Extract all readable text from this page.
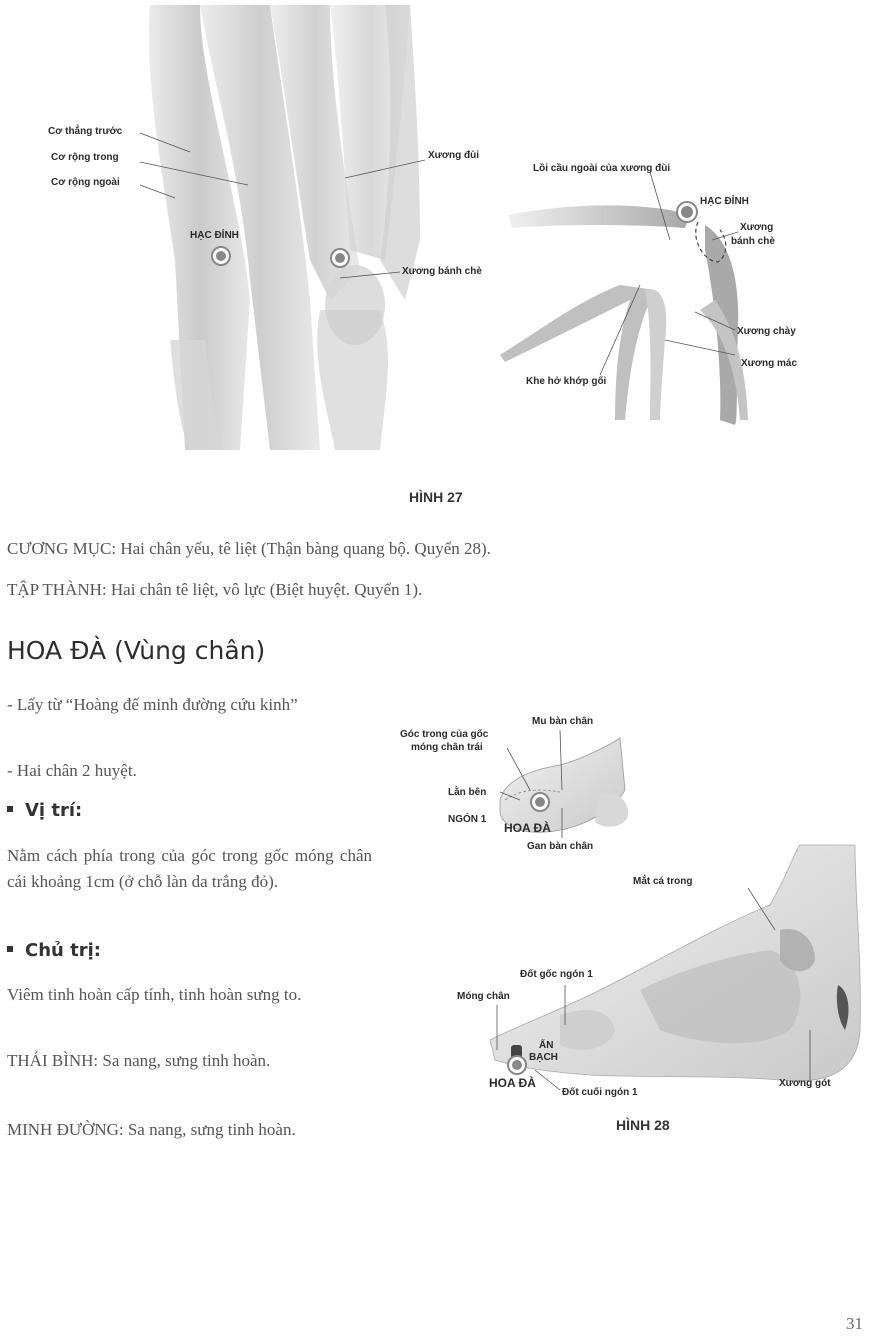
Cơ thẳng trước
Cơ rộng trong
Cơ rộng ngoài
HẠC ĐỈNH
Xương đùi
Xương bánh chè
Lồi cầu ngoài của xương đùi
HẠC ĐỈNH
Xương
bánh chè
Xương chày
Xương mác
Khe hở khớp gối
HÌNH 27
CƯƠNG MỤC: Hai chân yếu, tê liệt (Thận bàng quang bộ. Quyển 28).
TẬP THÀNH: Hai chân tê liệt, vô lực (Biệt huyệt. Quyển 1).
HOA ĐÀ (Vùng chân)
- Lấy từ “Hoàng đế minh đường cứu kinh”
- Hai chân 2 huyệt.
Vị trí:
Nằm cách phía trong của góc trong gốc móng chân cái khoảng 1cm (ở chỗ làn da trắng đỏ).
Chủ trị:
Viêm tinh hoàn cấp tính, tinh hoàn sưng to.
THÁI BÌNH: Sa nang, sưng tinh hoàn.
MINH ĐƯỜNG: Sa nang, sưng tinh hoàn.
Mu bàn chân
Góc trong của gốc
móng chân trái
Lằn bên
NGÓN 1
HOA ĐÀ
Gan bàn chân
Mắt cá trong
Đốt gốc ngón 1
Móng chân
ẨN
BẠCH
HOA ĐÀ
Đốt cuối ngón 1
Xương gót
HÌNH 28
31
